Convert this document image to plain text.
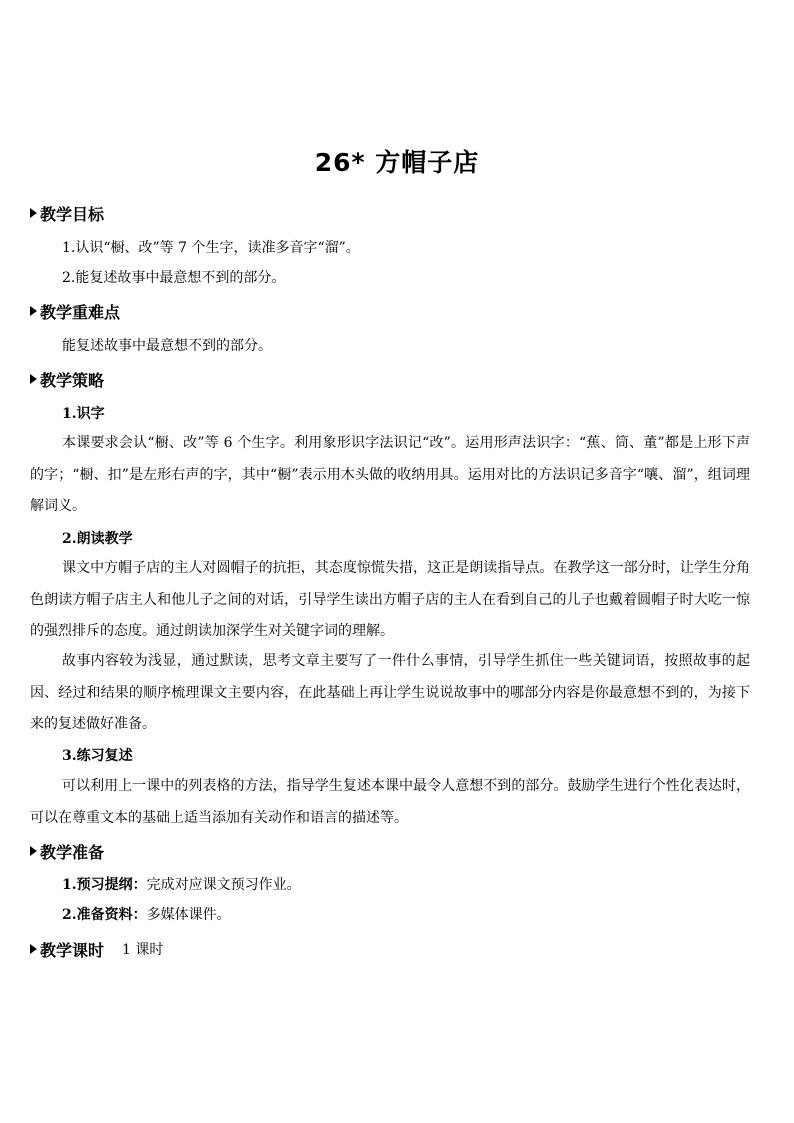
26* 方帽子店
教学目标
1.认识“橱、改”等 7 个生字，读准多音字“溜”。
2.能复述故事中最意想不到的部分。
教学重难点
能复述故事中最意想不到的部分。
教学策略
1.识字
本课要求会认“橱、改”等 6 个生字。利用象形识字法识记“改”。运用形声法识字：“蕉、筒、董”都是上形下声的字；“橱、扣”是左形右声的字，其中“橱”表示用木头做的收纳用具。运用对比的方法识记多音字“嚷、溜”，组词理解词义。
2.朗读教学
课文中方帽子店的主人对圆帽子的抗拒，其态度惊慌失措，这正是朗读指导点。在教学这一部分时，让学生分角色朗读方帽子店主人和他儿子之间的对话，引导学生读出方帽子店的主人在看到自己的儿子也戴着圆帽子时大吃一惊的强烈排斥的态度。通过朗读加深学生对关键字词的理解。
故事内容较为浅显，通过默读，思考文章主要写了一件什么事情，引导学生抓住一些关键词语，按照故事的起因、经过和结果的顺序梳理课文主要内容，在此基础上再让学生说说故事中的哪部分内容是你最意想不到的，为接下来的复述做好准备。
3.练习复述
可以利用上一课中的列表格的方法，指导学生复述本课中最令人意想不到的部分。鼓励学生进行个性化表达时，可以在尊重文本的基础上适当添加有关动作和语言的描述等。
教学准备
1.预习提纲：完成对应课文预习作业。
2.准备资料：多媒体课件。
教学课时 1 课时
